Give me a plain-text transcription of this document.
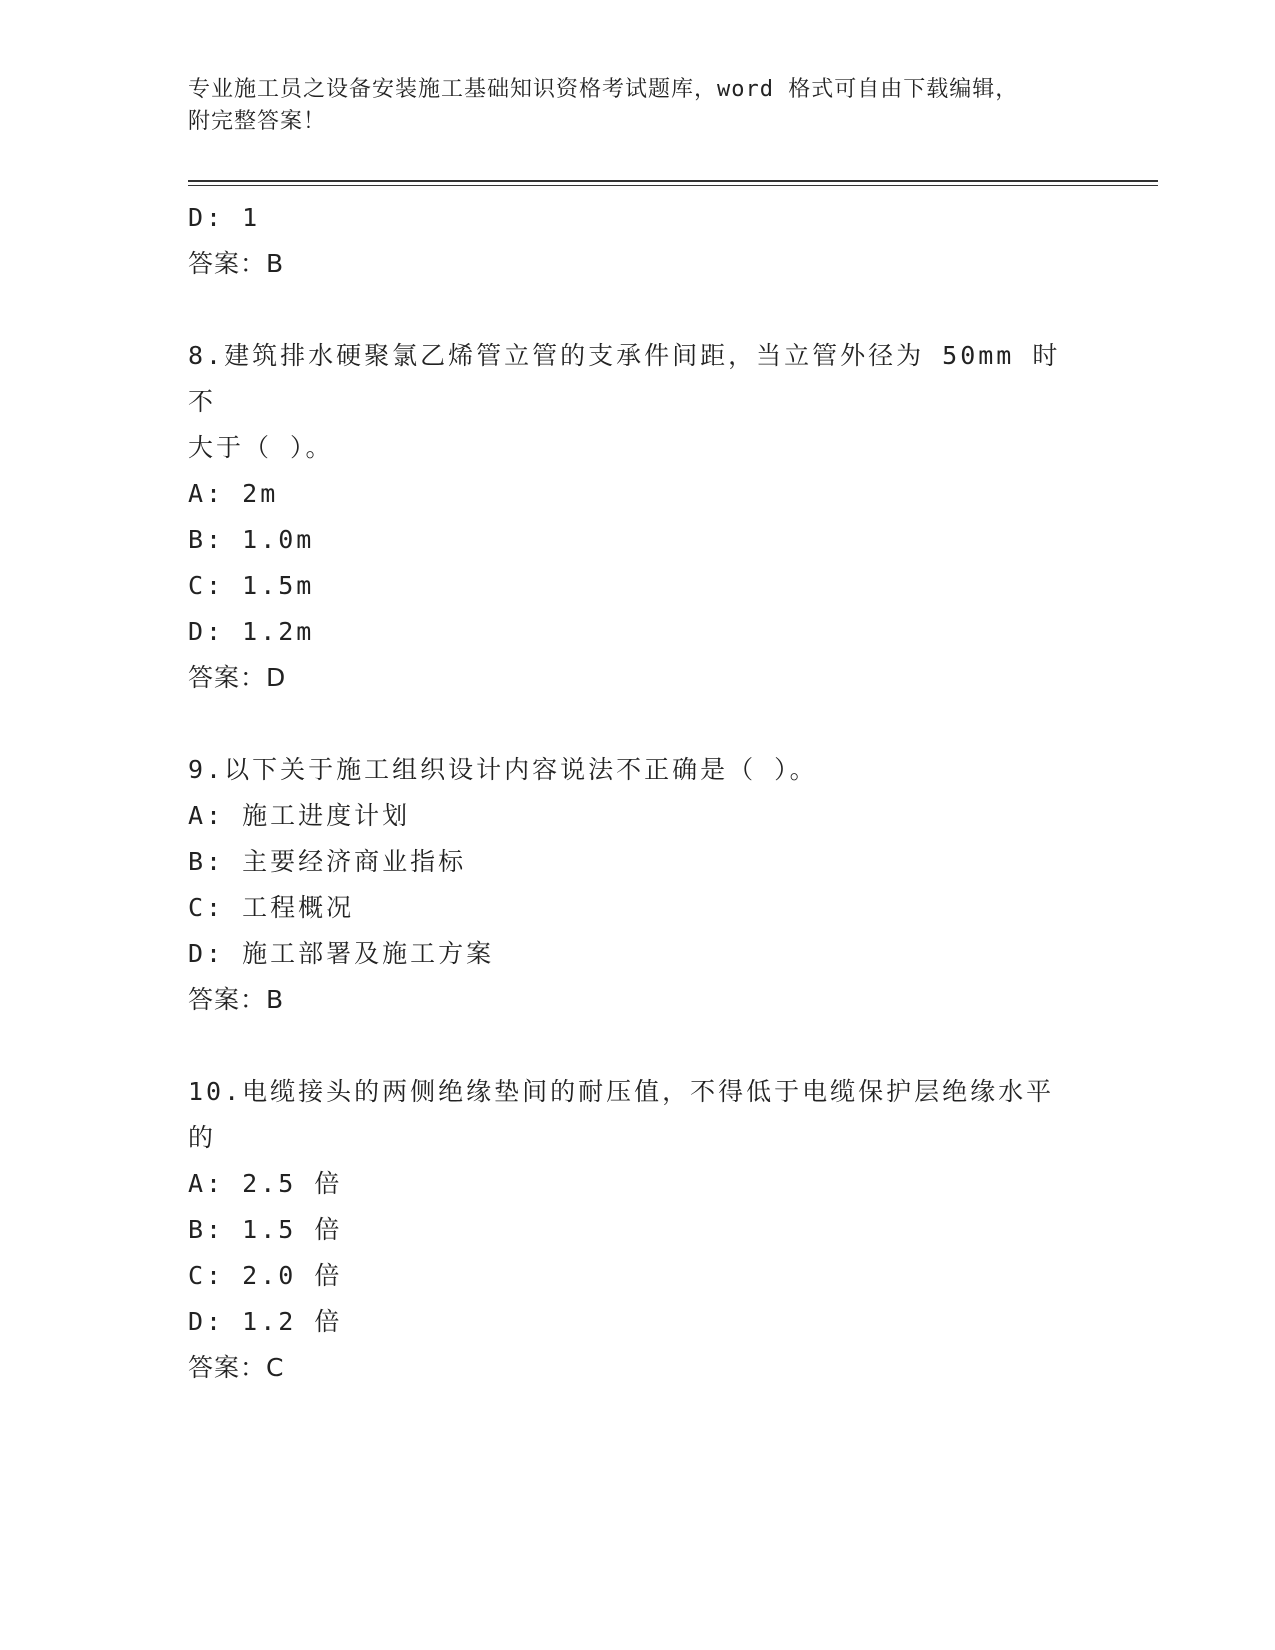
专业施工员之设备安装施工基础知识资格考试题库，word 格式可自由下载编辑，
附完整答案！
D: 1
答案：B
8.建筑排水硬聚氯乙烯管立管的支承件间距，当立管外径为 50mm 时不
大于（ ）。
A: 2m
B: 1.0m
C: 1.5m
D: 1.2m
答案：D
9.以下关于施工组织设计内容说法不正确是（ ）。
A: 施工进度计划
B: 主要经济商业指标
C: 工程概况
D: 施工部署及施工方案
答案：B
10.电缆接头的两侧绝缘垫间的耐压值，不得低于电缆保护层绝缘水平
的
A: 2.5 倍
B: 1.5 倍
C: 2.0 倍
D: 1.2 倍
答案：C
